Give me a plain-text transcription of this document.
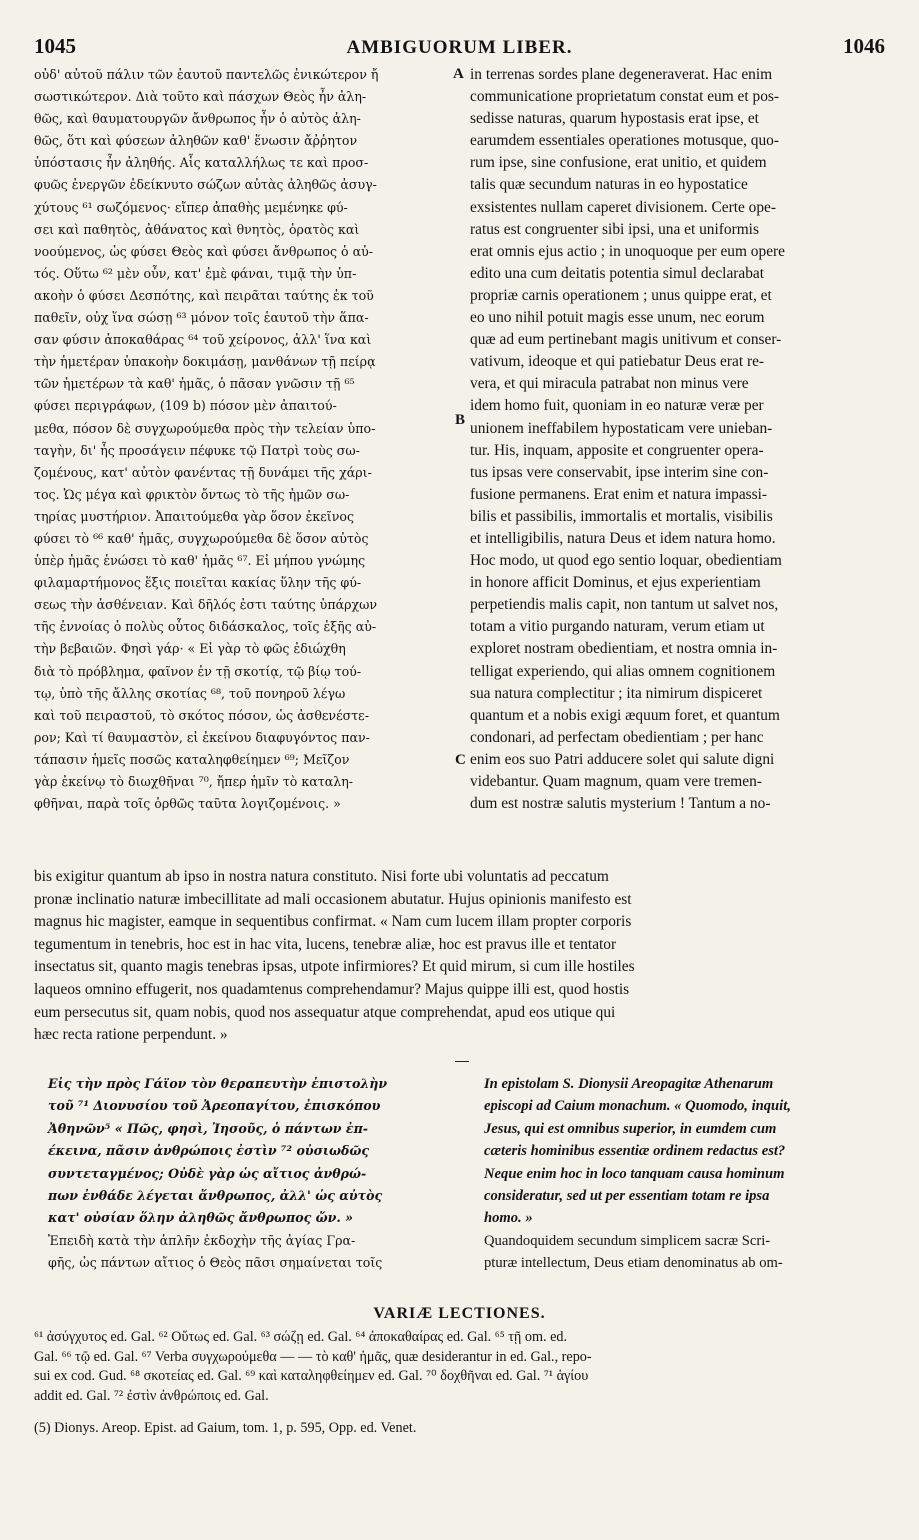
1045	AMBIGUORUM LIBER.	1046
οὐδ' αὐτοῦ πάλιν τῶν ἑαυτοῦ παντελῶς ἐνικώτερον ἤ
σωστικώτερον. Διὰ τοῦτο καὶ πάσχων Θεὸς ἦν ἀλη-
θῶς, καὶ θαυματουργῶν ἄνθρωπος ἦν ὁ αὐτὸς ἀλη-
θῶς, ὅτι καὶ φύσεων ἀληθῶν καθ' ἕνωσιν ἄῤῥητον
ὑπόστασις ἦν ἀληθής. Αἷς καταλλήλως τε καὶ προσ-
φυῶς ἐνεργῶν ἐδείκνυτο σώζων αὐτὰς ἀληθῶς ἀσυγ-
χύτους ⁶¹ σωζόμενος· εἴπερ ἀπαθὴς μεμένηκε φύ-
σει καὶ παθητὸς, ἀθάνατος καὶ θνητὸς, ὁρατὸς καὶ
νοούμενος, ὡς φύσει Θεὸς καὶ φύσει ἄνθρωπος ὁ αὐ-
τός. Οὕτω ⁶² μὲν οὖν, κατ' ἐμὲ φάναι, τιμᾷ τὴν ὑπ-
ακοὴν ὁ φύσει Δεσπότης, καὶ πειρᾶται ταύτης ἐκ τοῦ
παθεῖν, οὐχ ἵνα σώσῃ ⁶³ μόνον τοῖς ἑαυτοῦ τὴν ἅπα-
σαν φύσιν ἀποκαθάρας ⁶⁴ τοῦ χείρονος, ἀλλ' ἵνα καὶ
τὴν ἡμετέραν ὑπακοὴν δοκιμάσῃ, μανθάνων τῇ πείρᾳ
τῶν ἡμετέρων τὰ καθ' ἡμᾶς, ὁ πᾶσαν γνῶσιν τῇ ⁶⁵
φύσει περιγράφων, (109 b) πόσον μὲν ἀπαιτού-
μεθα, πόσον δὲ συγχωρούμεθα πρὸς τὴν τελείαν ὑπο-
ταγὴν, δι' ἧς προσάγειν πέφυκε τῷ Πατρὶ τοὺς σω-
ζομένους, κατ' αὐτὸν φανέντας τῇ δυνάμει τῆς χάρι-
τος. Ὡς μέγα καὶ φρικτὸν ὄντως τὸ τῆς ἡμῶν σω-
τηρίας μυστήριον. Ἀπαιτούμεθα γὰρ ὅσον ἐκεῖνος
φύσει τὸ ⁶⁶ καθ' ἡμᾶς, συγχωρούμεθα δὲ ὅσον αὐτὸς
ὑπὲρ ἡμᾶς ἑνώσει τὸ καθ' ἡμᾶς ⁶⁷. Εἰ μήπου γνώμης
φιλαμαρτήμονος ἕξις ποιεῖται κακίας ὕλην τῆς φύ-
σεως τὴν ἀσθένειαν. Καὶ δῆλός ἐστι ταύτης ὑπάρχων
τῆς ἐννοίας ὁ πολὺς οὗτος διδάσκαλος, τοῖς ἑξῆς αὐ-
τὴν βεβαιῶν. Φησὶ γάρ· « Εἰ γὰρ τὸ φῶς ἐδιώχθη
διὰ τὸ πρόβλημα, φαῖνον ἐν τῇ σκοτίᾳ, τῷ βίῳ τού-
τῳ, ὑπὸ τῆς ἄλλης σκοτίας ⁶⁸, τοῦ πονηροῦ λέγω
καὶ τοῦ πειραστοῦ, τὸ σκότος πόσον, ὡς ἀσθενέστε-
ρον; Καὶ τί θαυμαστὸν, εἰ ἐκείνου διαφυγόντος παν-
τάπασιν ἡμεῖς ποσῶς καταληφθείημεν ⁶⁹; Μεῖζον
γὰρ ἐκείνῳ τὸ διωχθῆναι ⁷⁰, ἤπερ ἡμῖν τὸ καταλη-
φθῆναι, παρὰ τοῖς ὀρθῶς ταῦτα λογιζομένοις. »
in terrenas sordes plane degeneraverat. Hac enim
communicatione proprietatum constat eum et pos-
sedisse naturas, quarum hypostasis erat ipse, et
earumdem essentiales operationes motusque, quo-
rum ipse, sine confusione, erat unitio, et quidem
talis quæ secundum naturas in eo hypostatice
exsistentes nullam caperet divisionem. Certe ope-
ratus est congruenter sibi ipsi, una et uniformis
erat omnis ejus actio ; in unoquoque per eum opere
edito una cum deitatis potentia simul declarabat
propriæ carnis operationem ; unus quippe erat, et
eo uno nihil potuit magis esse unum, nec eorum
quæ ad eum pertinebant magis unitivum et conser-
vativum, ideoque et qui patiebatur Deus erat re-
vera, et qui miracula patrabat non minus vere
idem homo fuit, quoniam in eo naturæ veræ per
unionem ineffabilem hypostaticam vere unieban-
tur. His, inquam, apposite et congruenter opera-
tus ipsas vere conservabit, ipse interim sine con-
fusione permanens. Erat enim et natura impassi-
bilis et passibilis, immortalis et mortalis, visibilis
et intelligibilis, natura Deus et idem natura homo.
Hoc modo, ut quod ego sentio loquar, obedientiam
in honore afficit Dominus, et ejus experientiam
perpetiendis malis capit, non tantum ut salvet nos,
totam a vitio purgando naturam, verum etiam ut
exploret nostram obedientiam, et nostra omnia in-
telligat experiendo, qui alias omnem cognitionem
sua natura complectitur ; ita nimirum dispiceret
quantum et a nobis exigi æquum foret, et quantum
condonari, ad perfectam obedientiam ; per hanc
enim eos suo Patri adducere solet qui salute digni
videbantur. Quam magnum, quam vere tremen-
dum est nostræ salutis mysterium ! Tantum a no-
A
B
C
bis exigitur quantum ab ipso in nostra natura constituto. Nisi forte ubi voluntatis ad peccatum
pronæ inclinatio naturæ imbecillitate ad mali occasionem abutatur. Hujus opinionis manifesto est
magnus hic magister, eamque in sequentibus confirmat. « Nam cum lucem illam propter corporis
tegumentum in tenebris, hoc est in hac vita, lucens, tenebræ aliæ, hoc est pravus ille et tentator
insectatus sit, quanto magis tenebras ipsas, utpote infirmiores? Et quid mirum, si cum ille hostiles
laqueos omnino effugerit, nos quadamtenus comprehendamur? Majus quippe illi est, quod hostis
eum persecutus sit, quam nobis, quod nos assequatur atque comprehendat, apud eos utique qui
hæc recta ratione perpendunt. »
Εἰς τὴν πρὸς Γάϊον τὸν θεραπευτὴν ἐπιστολὴν
τοῦ ⁷¹ Διονυσίου τοῦ Ἀρεοπαγίτου, ἐπισκόπου
Ἀθηνῶν⁵ « Πῶς, φησὶ, Ἰησοῦς, ὁ πάντων ἐπ-
έκεινα, πᾶσιν ἀνθρώποις ἐστὶν ⁷² οὐσιωδῶς
συντεταγμένος; Οὐδὲ γὰρ ὡς αἴτιος ἀνθρώ-
πων ἐνθάδε λέγεται ἄνθρωπος, ἀλλ' ὡς αὐτὸς
κατ' οὐσίαν ὅλην ἀληθῶς ἄνθρωπος ὤν. »
Ἐπειδὴ κατὰ τὴν ἁπλῆν ἐκδοχὴν τῆς ἁγίας Γρα-
φῆς, ὡς πάντων αἴτιος ὁ Θεὸς πᾶσι σημαίνεται τοῖς
In epistolam S. Dionysii Areopagitæ Athenarum
episcopi ad Caium monachum. « Quomodo, inquit,
Jesus, qui est omnibus superior, in eumdem cum
cæteris hominibus essentiæ ordinem redactus est?
Neque enim hoc in loco tanquam causa hominum
consideratur, sed ut per essentiam totam re ipsa
homo. »
Quandoquidem secundum simplicem sacræ Scri-
pturæ intellectum, Deus etiam denominatus ab om-
VARIÆ LECTIONES.
⁶¹ ἀσύγχυτος ed. Gal. ⁶² Οὕτως ed. Gal. ⁶³ σώζῃ ed. Gal. ⁶⁴ ἀποκαθαίρας ed. Gal. ⁶⁵ τῇ om. ed.
Gal. ⁶⁶ τῷ ed. Gal. ⁶⁷ Verba συγχωρούμεθα — — τὸ καθ' ἡμᾶς, quæ desiderantur in ed. Gal., repo-
sui ex cod. Gud. ⁶⁸ σκοτείας ed. Gal. ⁶⁹ καὶ καταληφθείημεν ed. Gal. ⁷⁰ δοχθῆναι ed. Gal. ⁷¹ ἁγίου
addit ed. Gal. ⁷² ἐστὶν ἀνθρώποις ed. Gal.
(5) Dionys. Areop. Epist. ad Gaium, tom. 1, p. 595, Opp. ed. Venet.
